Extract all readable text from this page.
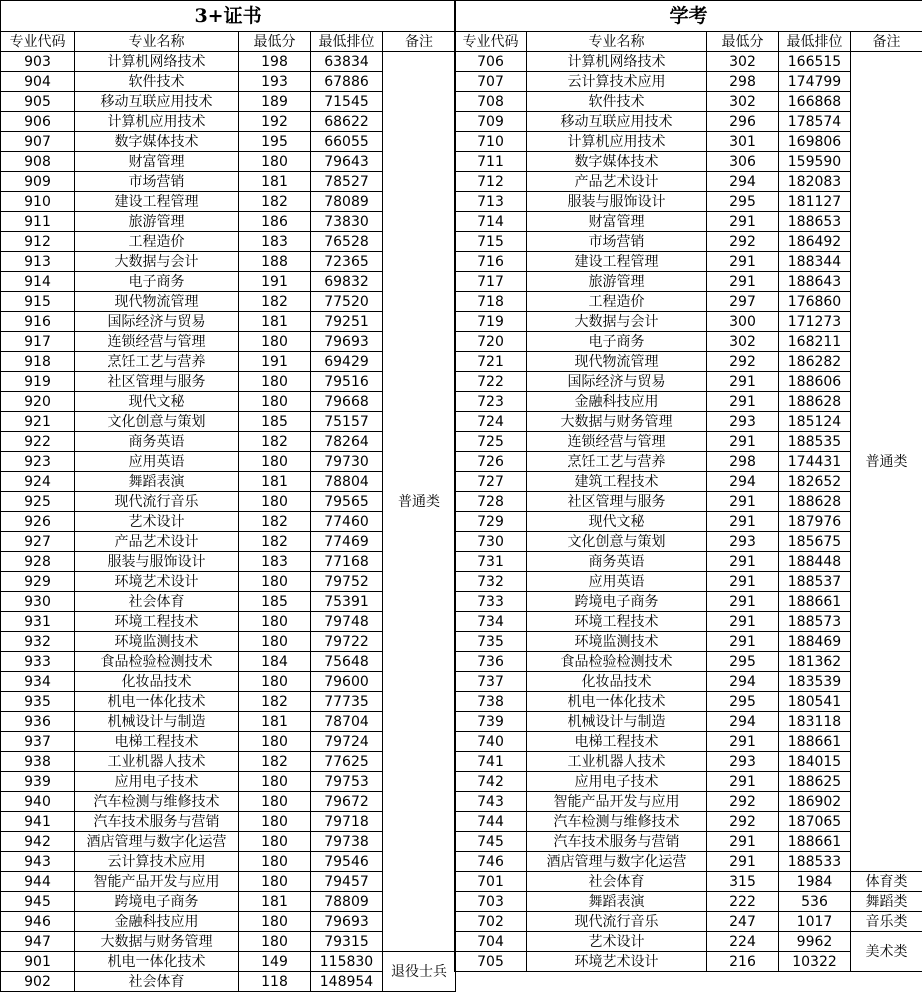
3+证书				
专业代码	专业名称	最低分	最低排位	备注
903	计算机网络技术	198	63834	普通类
904	软件技术	193	67886	
905	移动互联应用技术	189	71545	
906	计算机应用技术	192	68622	
907	数字媒体技术	195	66055	
908	财富管理	180	79643	
909	市场营销	181	78527	
910	建设工程管理	182	78089	
911	旅游管理	186	73830	
912	工程造价	183	76528	
913	大数据与会计	188	72365	
914	电子商务	191	69832	
915	现代物流管理	182	77520	
916	国际经济与贸易	181	79251	
917	连锁经营与管理	180	79693	
918	烹饪工艺与营养	191	69429	
919	社区管理与服务	180	79516	
920	现代文秘	180	79668	
921	文化创意与策划	185	75157	
922	商务英语	182	78264	
923	应用英语	180	79730	
924	舞蹈表演	181	78804	
925	现代流行音乐	180	79565	
926	艺术设计	182	77460	
927	产品艺术设计	182	77469	
928	服装与服饰设计	183	77168	
929	环境艺术设计	180	79752	
930	社会体育	185	75391	
931	环境工程技术	180	79748	
932	环境监测技术	180	79722	
933	食品检验检测技术	184	75648	
934	化妆品技术	180	79600	
935	机电一体化技术	182	77735	
936	机械设计与制造	181	78704	
937	电梯工程技术	180	79724	
938	工业机器人技术	182	77625	
939	应用电子技术	180	79753	
940	汽车检测与维修技术	180	79672	
941	汽车技术服务与营销	180	79718	
942	酒店管理与数字化运营	180	79738	
943	云计算技术应用	180	79546	
944	智能产品开发与应用	180	79457	
945	跨境电子商务	181	78809	
946	金融科技应用	180	79693	
947	大数据与财务管理	180	79315	
901	机电一体化技术	149	115830	退役士兵
902	社会体育	118	148954	
学考				
专业代码	专业名称	最低分	最低排位	备注
706	计算机网络技术	302	166515	普通类
707	云计算技术应用	298	174799	
708	软件技术	302	166868	
709	移动互联应用技术	296	178574	
710	计算机应用技术	301	169806	
711	数字媒体技术	306	159590	
712	产品艺术设计	294	182083	
713	服装与服饰设计	295	181127	
714	财富管理	291	188653	
715	市场营销	292	186492	
716	建设工程管理	291	188344	
717	旅游管理	291	188643	
718	工程造价	297	176860	
719	大数据与会计	300	171273	
720	电子商务	302	168211	
721	现代物流管理	292	186282	
722	国际经济与贸易	291	188606	
723	金融科技应用	291	188628	
724	大数据与财务管理	293	185124	
725	连锁经营与管理	291	188535	
726	烹饪工艺与营养	298	174431	
727	建筑工程技术	294	182652	
728	社区管理与服务	291	188628	
729	现代文秘	291	187976	
730	文化创意与策划	293	185675	
731	商务英语	291	188448	
732	应用英语	291	188537	
733	跨境电子商务	291	188661	
734	环境工程技术	291	188573	
735	环境监测技术	291	188469	
736	食品检验检测技术	295	181362	
737	化妆品技术	294	183539	
738	机电一体化技术	295	180541	
739	机械设计与制造	294	183118	
740	电梯工程技术	291	188661	
741	工业机器人技术	293	184015	
742	应用电子技术	291	188625	
743	智能产品开发与应用	292	186902	
744	汽车检测与维修技术	292	187065	
745	汽车技术服务与营销	291	188661	
746	酒店管理与数字化运营	291	188533	
701	社会体育	315	1984	体育类
703	舞蹈表演	222	536	舞蹈类
702	现代流行音乐	247	1017	音乐类
704	艺术设计	224	9962	美术类
705	环境艺术设计	216	10322	
